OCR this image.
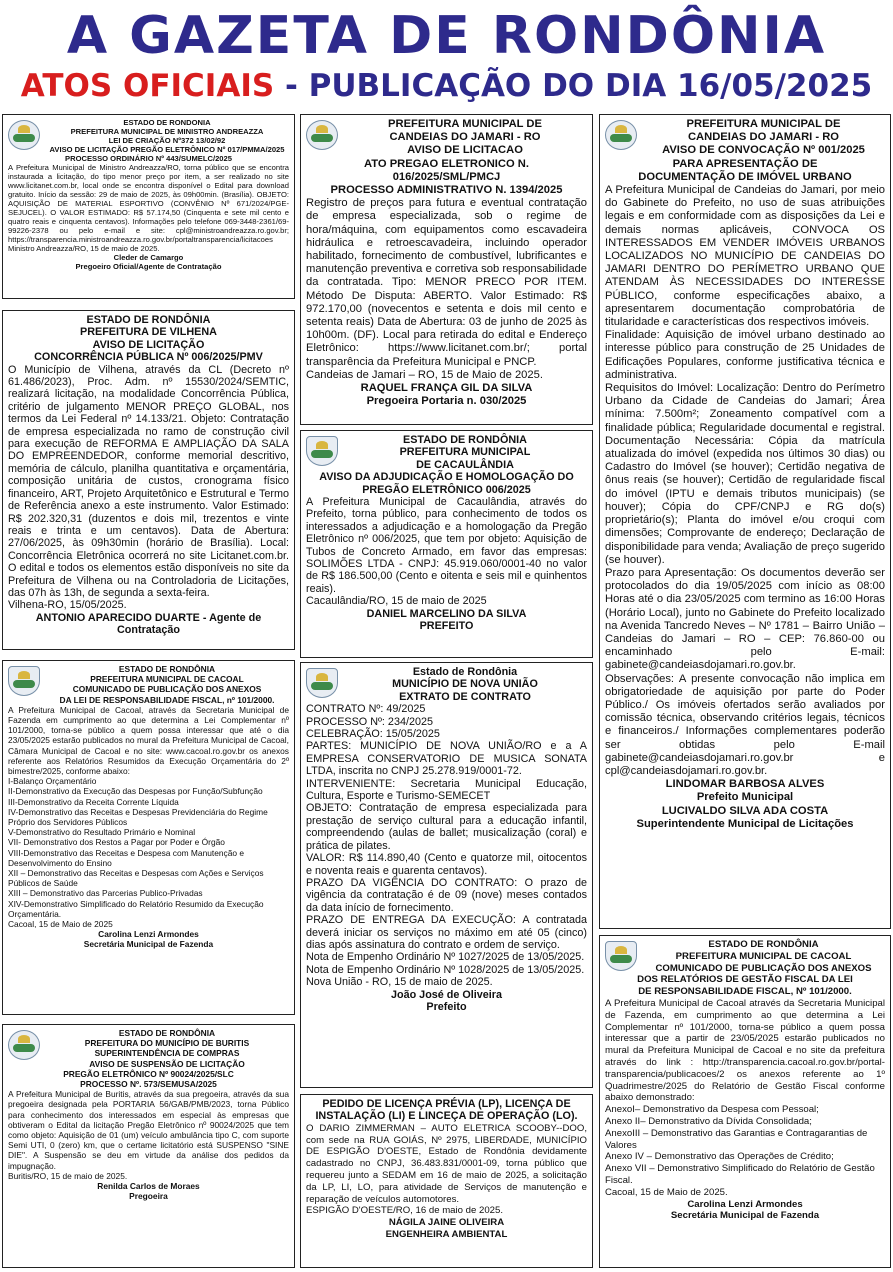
A GAZETA DE RONDÔNIA
ATOS OFICIAIS - PUBLICAÇÃO DO DIA 16/05/2025

ESTADO DE RONDONIA

PREFEITURA MUNICIPAL DE MINISTRO ANDREAZZA

LEI DE CRIAÇÃO Nº372 13/02/92

AVISO DE LICITAÇÃO PREGÃO ELETRÔNICO Nº 017/PMMA/2025

PROCESSO ORDINÁRIO Nº 443/SUMELC/2025

A Prefeitura Municipal de Ministro Andreazza/RO, torna público que se encontra instaurada a licitação, do tipo menor preço por item, a ser realizado no site www.licitanet.com.br, local onde se encontra disponível o Edital para download gratuito. Início da sessão: 29 de maio de 2025, às 09h00min. (Brasília). OBJETO: AQUISIÇÃO DE MATERIAL ESPORTIVO (CONVÊNIO Nº 671/2024/PGE-SEJUCEL). O VALOR ESTIMADO: R$ 57.174,50 (Cinquenta e sete mil cento e quatro reais e cinquenta centavos). Informações pelo telefone 069-3448-2361/69-99226-2378 ou pelo e-mail e site: cpl@ministroandreazza.ro.gov.br; https://transparencia.ministroandreazza.ro.gov.br/portaltransparencia/licitacoes

Ministro Andreazza/RO, 15 de maio de 2025.

Cleder de Camargo

Pregoeiro Oficial/Agente de Contratação

ESTADO DE RONDÔNIA

PREFEITURA DE VILHENA

AVISO DE LICITAÇÃO

CONCORRÊNCIA PÚBLICA Nº 006/2025/PMV

O Município de Vilhena, através da CL (Decreto nº 61.486/2023), Proc. Adm. nº 15530/2024/SEMTIC, realizará licitação, na modalidade Concorrência Pública, critério de julgamento MENOR PREÇO GLOBAL, nos termos da Lei Federal nº 14.133/21. Objeto: Contratação de empresa especializada no ramo de construção civil para execução de REFORMA E AMPLIAÇÃO DA SALA DO EMPREENDEDOR, conforme memorial descritivo, memória de cálculo, planilha quantitativa e orçamentária, composição unitária de custos, cronograma físico financeiro, ART, Projeto Arquitetônico e Estrutural e Termo de Referência anexo a este instrumento. Valor Estimado: R$ 202.320,31 (duzentos e dois mil, trezentos e vinte reais e trinta e um centavos). Data de Abertura: 27/06/2025, às 09h30min (horário de Brasília). Local: Concorrência Eletrônica ocorrerá no site Licitanet.com.br. O edital e todos os elementos estão disponíveis no site da Prefeitura de Vilhena ou na Controladoria de Licitações, das 07h às 13h, de segunda a sexta-feira.

Vilhena-RO, 15/05/2025.

ANTONIO APARECIDO DUARTE - Agente de Contratação

ESTADO DE RONDÔNIA

PREFEITURA MUNICIPAL DE CACOAL

COMUNICADO DE PUBLICAÇÃO DOS ANEXOS

DA LEI DE RESPONSABILIDADE FISCAL, nº 101/2000.

A Prefeitura Municipal de Cacoal, através da Secretaria Municipal de Fazenda em cumprimento ao que determina a Lei Complementar nº 101/2000, torna-se público a quem possa interessar que até o dia 23/05/2025 estarão publicados no mural da Prefeitura Municipal de Cacoal, Câmara Municipal de Cacoal e no site: www.cacoal.ro.gov.br os anexos referente aos Relatórios Resumidos da Execução Orçamentária do 2º bimestre/2025, conforme abaixo:

I-Balanço Orçamentário

II-Demonstrativo da Execução das Despesas por Função/Subfunção

III-Demonstrativo da Receita Corrente Líquida

IV-Demonstrativo das Receitas e Despesas Previdenciária do Regime Próprio dos Servidores Públicos

V-Demonstrativo do Resultado Primário e Nominal

VII- Demonstrativo dos Restos a Pagar por Poder e Órgão

VIII-Demonstrativo das Receitas e Despesa com Manutenção e Desenvolvimento do Ensino

XII – Demonstrativo das Receitas e Despesas com Ações e Serviços Públicos de Saúde

XIII – Demonstrativo das Parcerias Publico-Privadas

XIV-Demonstrativo Simplificado do Relatório Resumido da Execução Orçamentária.

Cacoal, 15 de Maio de 2025

Carolina Lenzi Armondes

Secretária Municipal de Fazenda

ESTADO DE RONDÔNIA

PREFEITURA DO MUNICÍPIO DE BURITIS

SUPERINTENDÊNCIA DE COMPRAS

AVISO DE SUSPENSÃO DE LICITAÇÃO

PREGÃO ELETRÔNICO Nº 90024/2025/SLC

PROCESSO Nº. 573/SEMUSA/2025

A Prefeitura Municipal de Buritis, através da sua pregoeira, através da sua pregoeira designada pela PORTARIA 56/GAB/PMB/2023, torna Público para conhecimento dos interessados em especial às empresas que obtiveram o Edital da licitação Pregão Eletrônico nº 90024/2025 que tem como objeto: Aquisição de 01 (um) veículo ambulância tipo C, com suporte Semi UTI, 0 (zero) km, que o certame licitatório está SUSPENSO "SINE DIE". A Suspensão se deu em virtude da análise dos pedidos da impugnação.

Buritis/RO, 15 de maio de 2025.

Renilda Carlos de Moraes

Pregoeira

PREFEITURA MUNICIPAL DE

CANDEIAS DO JAMARI - RO

AVISO DE LICITACAO

ATO PREGAO ELETRONICO N.

016/2025/SML/PMCJ

PROCESSO ADMINISTRATIVO N. 1394/2025

Registro de preços para futura e eventual contratação de empresa especializada, sob o regime de hora/máquina, com equipamentos como escavadeira hidráulica e retroescavadeira, incluindo operador habilitado, fornecimento de combustível, lubrificantes e manutenção preventiva e corretiva sob responsabilidade da contratada. Tipo: MENOR PRECO POR ITEM. Método De Disputa: ABERTO. Valor Estimado: R$ 972.170,00 (novecentos e setenta e dois mil cento e setenta reais) Data de Abertura: 03 de junho de 2025 às 10h00m. (DF). Local para retirada do edital e Endereço Eletrônico: https://www.licitanet.com.br/; portal transparência da Prefeitura Municipal e PNCP.

Candeias de Jamari – RO, 15 de Maio de 2025.

RAQUEL FRANÇA GIL DA SILVA

Pregoeira Portaria n. 030/2025

ESTADO DE RONDÔNIA

PREFEITURA MUNICIPAL

DE CACAULÂNDIA

AVISO DA ADJUDICAÇÃO E HOMOLOGAÇÃO DO

PREGÃO ELETRÔNICO 006/2025

A Prefeitura Municipal de Cacaulândia, através do Prefeito, torna público, para conhecimento de todos os interessados a adjudicação e a homologação da Pregão Eletrônico nº 006/2025, que tem por objeto: Aquisição de Tubos de Concreto Armado, em favor das empresas: SOLIMÕES LTDA - CNPJ: 45.919.060/0001-40 no valor de R$ 186.500,00 (Cento e oitenta e seis mil e quinhentos reais).

Cacaulândia/RO, 15 de maio de 2025

DANIEL MARCELINO DA SILVA

PREFEITO

Estado de Rondônia

MUNICÍPIO DE NOVA UNIÃO

EXTRATO DE CONTRATO

CONTRATO Nº: 49/2025

PROCESSO Nº: 234/2025

CELEBRAÇÃO: 15/05/2025

PARTES: MUNICÍPIO DE NOVA UNIÃO/RO e a A EMPRESA CONSERVATORIO DE MUSICA SONATA LTDA, inscrita no CNPJ 25.278.919/0001-72.

INTERVENIENTE: Secretaria Municipal Educação, Cultura, Esporte e Turismo-SEMECET

OBJETO: Contratação de empresa especializada para prestação de serviço cultural para a educação infantil, compreendendo (aulas de ballet; musicalização (coral) e prática de pilates.

VALOR: R$ 114.890,40 (Cento e quatorze mil, oitocentos e noventa reais e quarenta centavos).

PRAZO DA VIGÊNCIA DO CONTRATO: O prazo de vigência da contratação é de 09 (nove) meses contados da data início de fornecimento.

PRAZO DE ENTREGA DA EXECUÇÃO: A contratada deverá iniciar os serviços no máximo em até 05 (cinco) dias após assinatura do contrato e ordem de serviço.

Nota de Empenho Ordinário Nº 1027/2025 de 13/05/2025.

Nota de Empenho Ordinário Nº 1028/2025 de 13/05/2025.

Nova União - RO, 15 de maio de 2025.

João José de Oliveira

Prefeito

PEDIDO DE LICENÇA PRÉVIA (LP), LICENÇA DE

INSTALAÇÃO (LI) E LINCEÇA DE OPERAÇÃO (LO).

O DARIO ZIMMERMAN – AUTO ELETRICA SCOOBY--DOO, com sede na RUA GOIÁS, Nº 2975, LIBERDADE, MUNICÍPIO DE ESPIGÃO D'OESTE, Estado de Rondônia devidamente cadastrado no CNPJ, 36.483.831/0001-09, torna público que requereu junto a SEDAM em 16 de maio de 2025, a solicitação da LP, LI, LO, para atividade de Serviços de manutenção e reparação de veículos automotores.

ESPIGÃO D'OESTE/RO, 16 de maio de 2025.

NÁGILA JAINE OLIVEIRA

ENGENHEIRA AMBIENTAL

PREFEITURA MUNICIPAL DE

CANDEIAS DO JAMARI - RO

AVISO DE CONVOCAÇÃO Nº 001/2025

PARA APRESENTAÇÃO DE

DOCUMENTAÇÃO DE IMÓVEL URBANO

A Prefeitura Municipal de Candeias do Jamari, por meio do Gabinete do Prefeito, no uso de suas atribuições legais e em conformidade com as disposições da Lei e demais normas aplicáveis, CONVOCA OS INTERESSADOS EM VENDER IMÓVEIS URBANOS LOCALIZADOS NO MUNICÍPIO DE CANDEIAS DO JAMARI DENTRO DO PERÍMETRO URBANO QUE ATENDAM ÀS NECESSIDADES DO INTERESSE PÚBLICO, conforme especificações abaixo, a apresentarem documentação comprobatória de titularidade e características dos respectivos imóveis.

Finalidade: Aquisição de imóvel urbano destinado ao interesse público para construção de 25 Unidades de Edificações Populares, conforme justificativa técnica e administrativa.

Requisitos do Imóvel: Localização: Dentro do Perímetro Urbano da Cidade de Candeias do Jamari; Área mínima: 7.500m²; Zoneamento compatível com a finalidade pública; Regularidade documental e registral. Documentação Necessária: Cópia da matrícula atualizada do imóvel (expedida nos últimos 30 dias) ou Cadastro do Imóvel (se houver); Certidão negativa de ônus reais (se houver); Certidão de regularidade fiscal do imóvel (IPTU e demais tributos municipais) (se houver); Cópia do CPF/CNPJ e RG do(s) proprietário(s); Planta do imóvel e/ou croqui com dimensões; Comprovante de endereço; Declaração de disponibilidade para venda; Avaliação de preço sugerido (se houver).

Prazo para Apresentação: Os documentos deverão ser protocolados do dia 19/05/2025 com início as 08:00 Horas até o dia 23/05/2025 com termino as 16:00 Horas (Horário Local), junto no Gabinete do Prefeito localizado na Avenida Tancredo Neves – Nº 1781 – Bairro União – Candeias do Jamari – RO – CEP: 76.860-00 ou encaminhado pelo E-mail: gabinete@candeiasdojamari.ro.gov.br.

Observações: A presente convocação não implica em obrigatoriedade de aquisição por parte do Poder Público./ Os imóveis ofertados serão avaliados por comissão técnica, observando critérios legais, técnicos e financeiros./ Informações complementares poderão ser obtidas pelo E-mail gabinete@candeiasdojamari.ro.gov.br e cpl@candeiasdojamari.ro.gov.br.

LINDOMAR BARBOSA ALVES

Prefeito Municipal

LUCIVALDO SILVA ADA COSTA

Superintendente Municipal de Licitações

ESTADO DE RONDÔNIA

PREFEITURA MUNICIPAL DE CACOAL

COMUNICADO DE PUBLICAÇÃO DOS ANEXOS

DOS RELATÓRIOS DE GESTÃO FISCAL DA LEI

DE RESPONSABILIDADE FISCAL, Nº 101/2000.

A Prefeitura Municipal de Cacoal através da Secretaria Municipal de Fazenda, em cumprimento ao que determina a Lei Complementar nº 101/2000, torna-se público a quem possa interessar que a partir de 23/05/2025 estarão publicados no mural da Prefeitura Municipal de Cacoal e no site da prefeitura através do link : http://transparencia.cacoal.ro.gov.br/portal-transparencia/publicacoes/2 os anexos referente ao 1º Quadrimestre/2025 do Relatório de Gestão Fiscal conforme abaixo demonstrado:

AnexoI– Demonstrativo da Despesa com Pessoal;

Anexo II– Demonstrativo da Dívida Consolidada;

AnexoIII – Demonstrativo das Garantias e Contragarantias de Valores

Anexo IV – Demonstrativo das Operações de Crédito;

Anexo VII – Demonstrativo Simplificado do Relatório de Gestão Fiscal.

Cacoal, 15 de Maio de 2025.

Carolina Lenzi Armondes

Secretária Municipal de Fazenda
